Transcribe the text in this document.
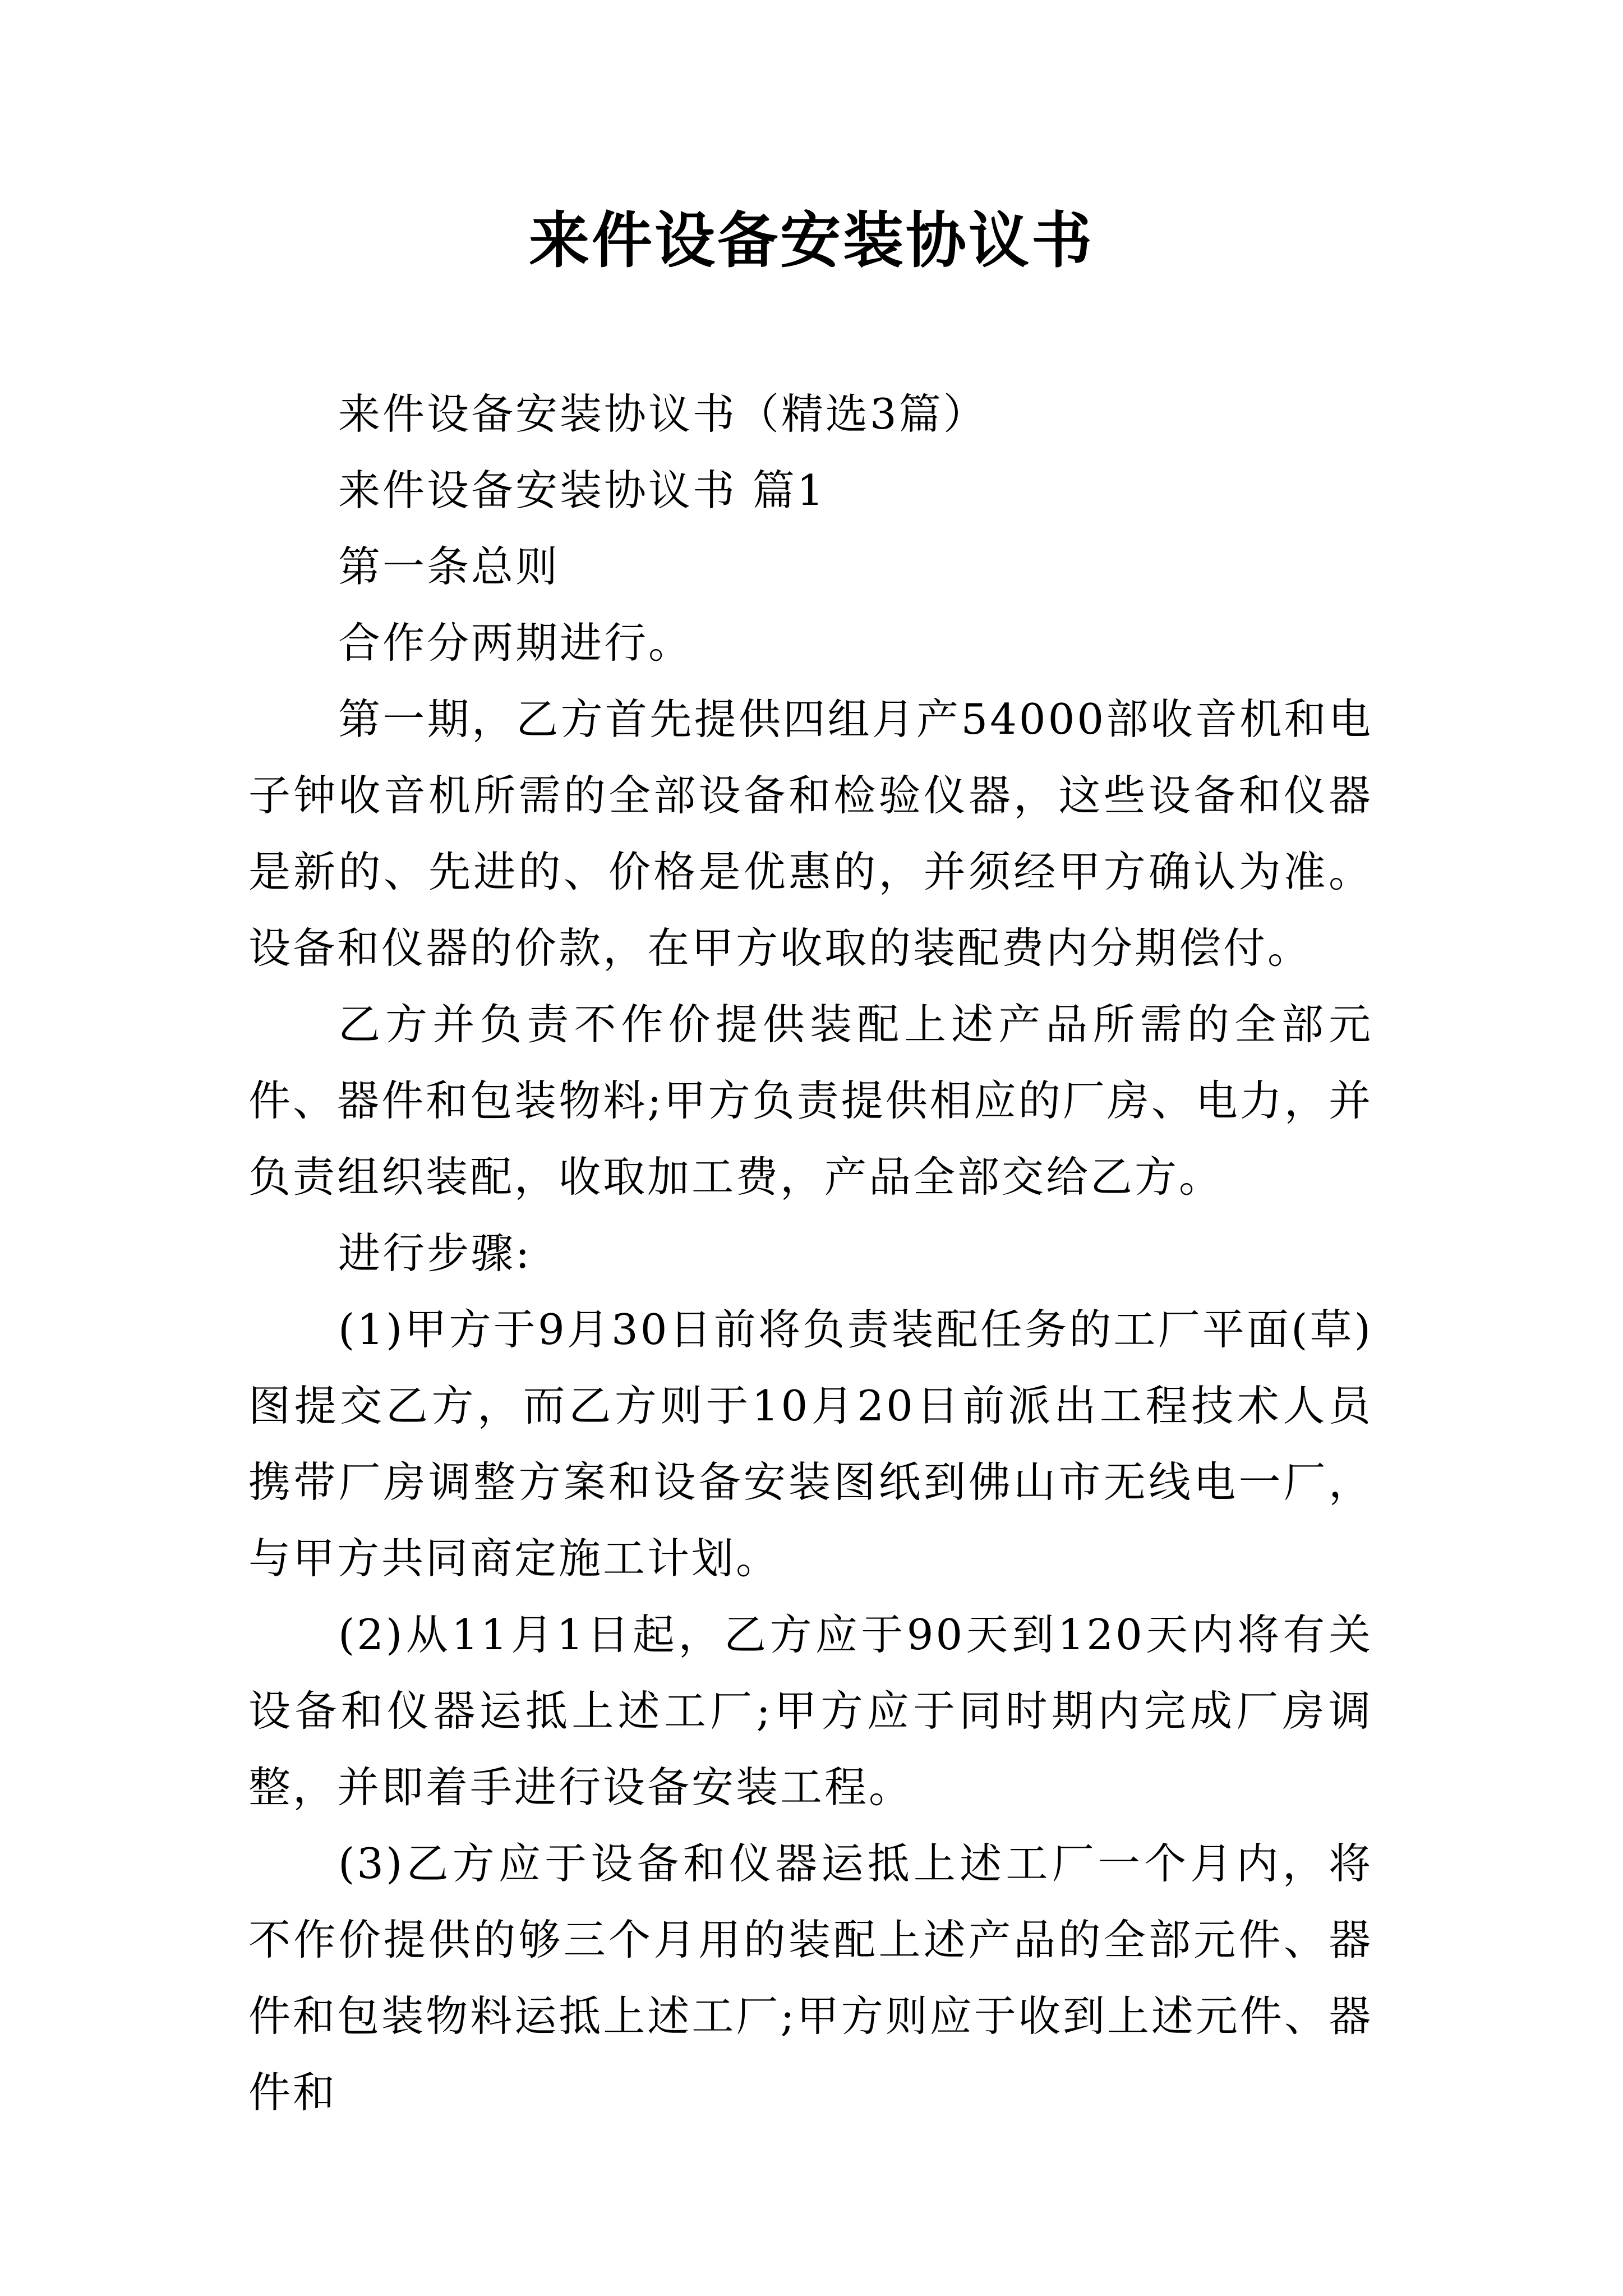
来件设备安装协议书

来件设备安装协议书（精选3篇）

来件设备安装协议书 篇1

第一条总则

合作分两期进行。

第一期，乙方首先提供四组月产54000部收音机和电子钟收音机所需的全部设备和检验仪器，这些设备和仪器是新的、先进的、价格是优惠的，并须经甲方确认为准。设备和仪器的价款，在甲方收取的装配费内分期偿付。

乙方并负责不作价提供装配上述产品所需的全部元件、器件和包装物料;甲方负责提供相应的厂房、电力，并负责组织装配，收取加工费，产品全部交给乙方。

进行步骤:

(1)甲方于9月30日前将负责装配任务的工厂平面(草)图提交乙方，而乙方则于10月20日前派出工程技术人员携带厂房调整方案和设备安装图纸到佛山市无线电一厂，与甲方共同商定施工计划。

(2)从11月1日起，乙方应于90天到120天内将有关设备和仪器运抵上述工厂;甲方应于同时期内完成厂房调整，并即着手进行设备安装工程。

(3)乙方应于设备和仪器运抵上述工厂一个月内，将不作价提供的够三个月用的装配上述产品的全部元件、器件和包装物料运抵上述工厂;甲方则应于收到上述元件、器件和
